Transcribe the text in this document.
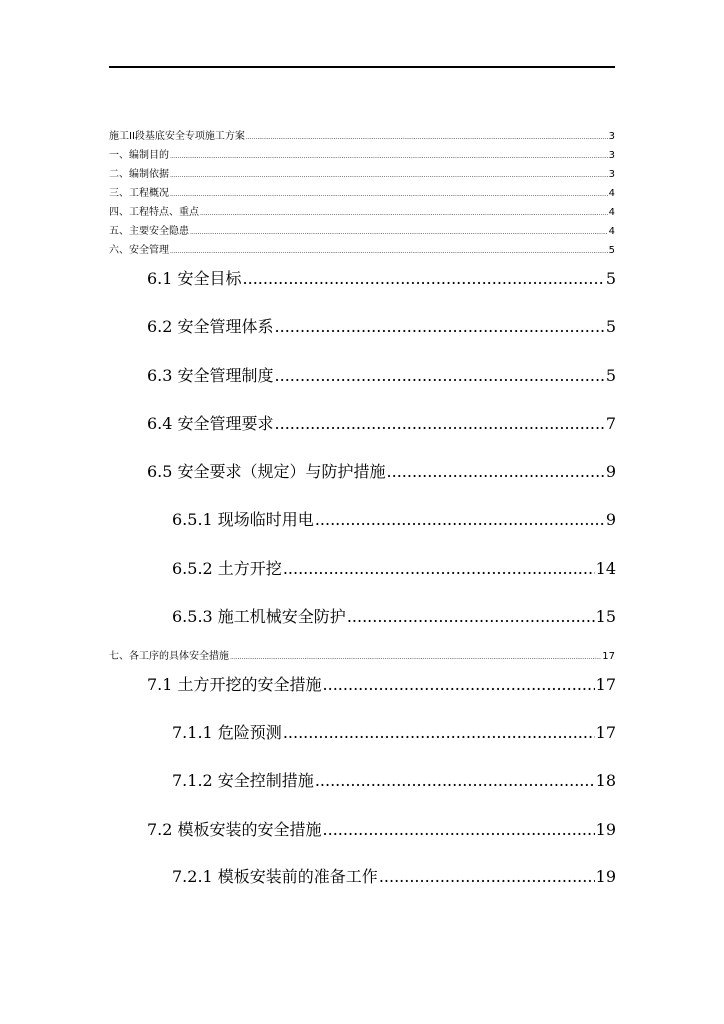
施工II段基底安全专项施工方案 .....	3
一、编制目的 .....	3
二、编制依据 .....	3
三、工程概况 .....	4
四、工程特点、重点 .....	4
五、主要安全隐患 .....	4
六、安全管理 .....	5
6.1 安全目标 .....	5
6.2 安全管理体系 .....	5
6.3 安全管理制度 .....	5
6.4 安全管理要求 .....	7
6.5 安全要求（规定）与防护措施 .....	9
6.5.1 现场临时用电 .....	9
6.5.2 土方开挖 .....	14
6.5.3 施工机械安全防护 .....	15
七、各工序的具体安全措施 .....	17
7.1 土方开挖的安全措施 .....	17
7.1.1 危险预测 .....	17
7.1.2 安全控制措施 .....	18
7.2 模板安装的安全措施 .....	19
7.2.1 模板安装前的准备工作 .....	19
